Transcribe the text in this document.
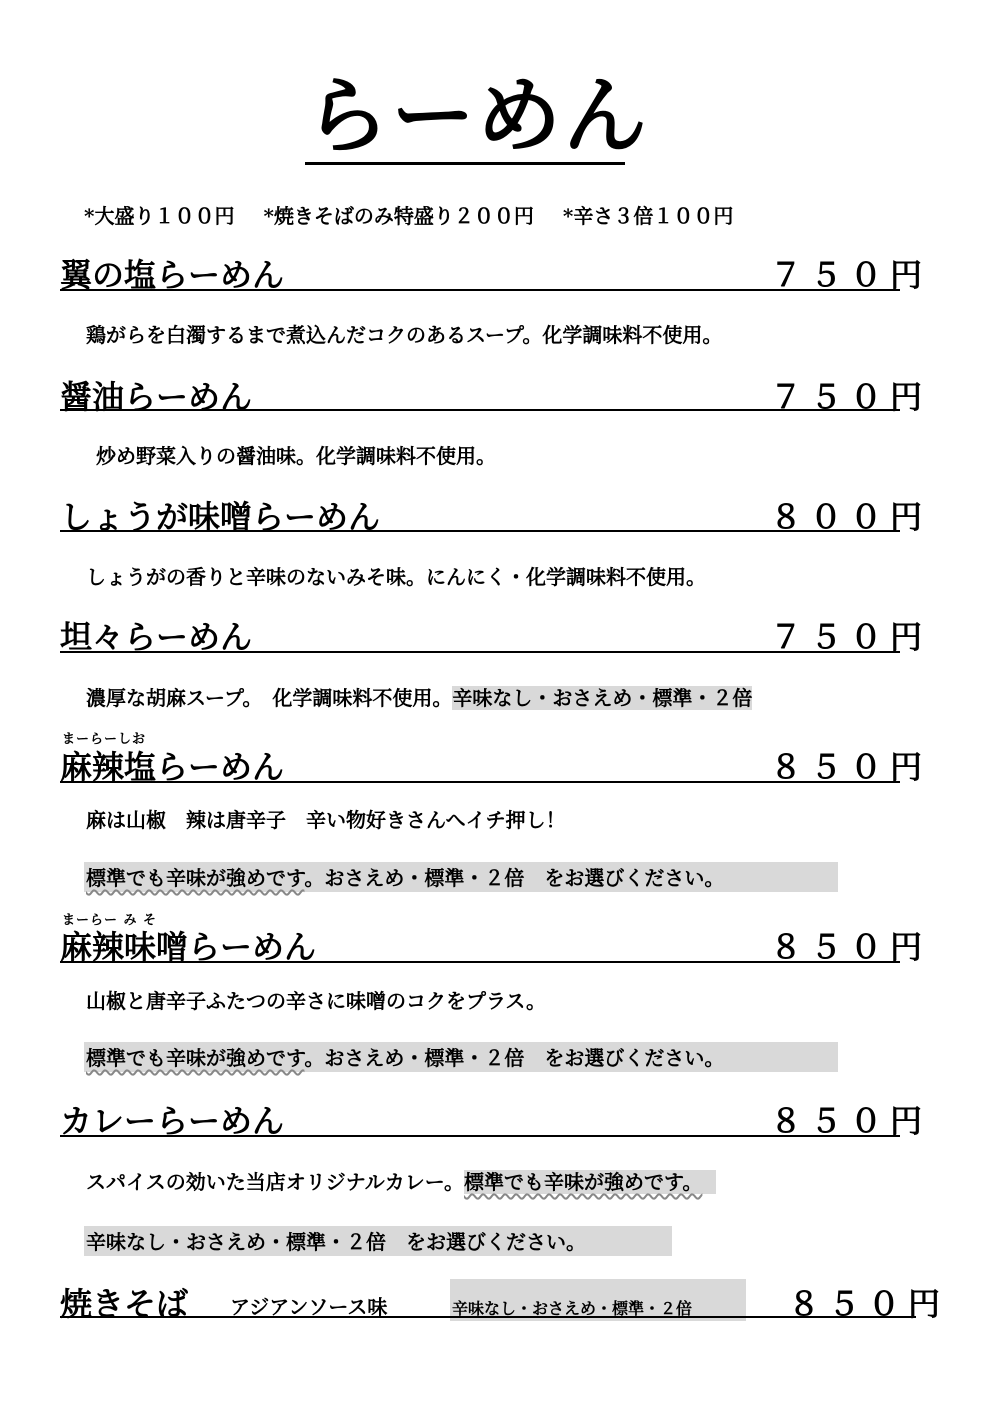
らーめん
*大盛り１００円 *焼きそばのみ特盛り２００円 *辛さ３倍１００円
翼の塩らーめん	７５０円
鶏がらを白濁するまで煮込んだコクのあるスープ。化学調味料不使用。
醤油らーめん	７５０円
炒め野菜入りの醤油味。化学調味料不使用。
しょうが味噌らーめん	８００円
しょうがの香りと辛味のないみそ味。にんにく・化学調味料不使用。
坦々らーめん	７５０円
濃厚な胡麻スープ。　化学調味料不使用。辛味なし・おさえめ・標準・２倍
まーらーしお
麻辣塩らーめん	８５０円
麻は山椒　辣は唐辛子　辛い物好きさんへイチ押し！
標準でも辛味が強めです。おさえめ・標準・２倍　をお選びください。
まーらー み そ
麻辣味噌らーめん	８５０円
山椒と唐辛子ふたつの辛さに味噌のコクをプラス。
標準でも辛味が強めです。おさえめ・標準・２倍　をお選びください。
カレーらーめん	８５０円
スパイスの効いた当店オリジナルカレー。標準でも辛味が強めです。
辛味なし・おさえめ・標準・２倍　をお選びください。
焼きそば アジアンソース味	辛味なし・おさえめ・標準・２倍	８５０円
